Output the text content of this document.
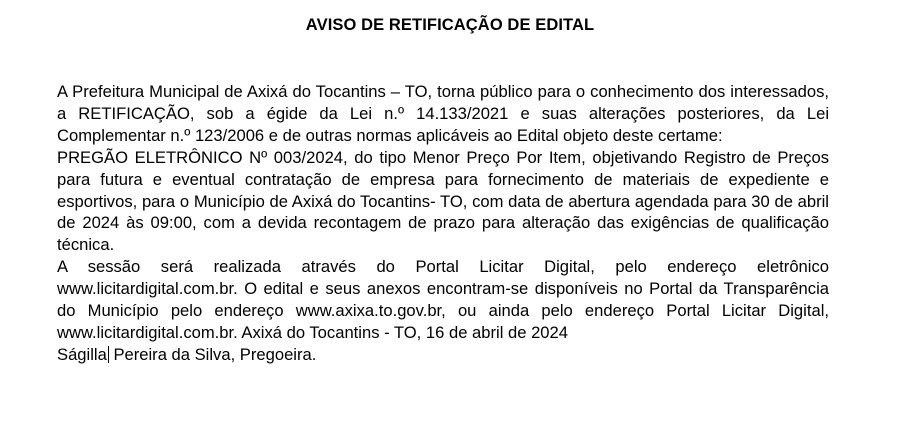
AVISO DE RETIFICAÇÃO DE EDITAL

A Prefeitura Municipal de Axixá do Tocantins – TO, torna público para o conhecimento dos interessados, a RETIFICAÇÃO, sob a égide da Lei n.º 14.133/2021 e suas alterações posteriores, da Lei Complementar n.º 123/2006 e de outras normas aplicáveis ao Edital objeto deste certame:

PREGÃO ELETRÔNICO Nº 003/2024, do tipo Menor Preço Por Item, objetivando Registro de Preços para futura e eventual contratação de empresa para fornecimento de materiais de expediente e esportivos, para o Município de Axixá do Tocantins- TO, com data de abertura agendada para 30 de abril de 2024 às 09:00, com a devida recontagem de prazo para alteração das exigências de qualificação técnica.

A sessão será realizada através do Portal Licitar Digital, pelo endereço eletrônico www.licitardigital.com.br. O edital e seus anexos encontram-se disponíveis no Portal da Transparência do Município pelo endereço www.axixa.to.gov.br, ou ainda pelo endereço Portal Licitar Digital, www.licitardigital.com.br. Axixá do Tocantins - TO, 16 de abril de 2024

Ságilla Pereira da Silva, Pregoeira.
